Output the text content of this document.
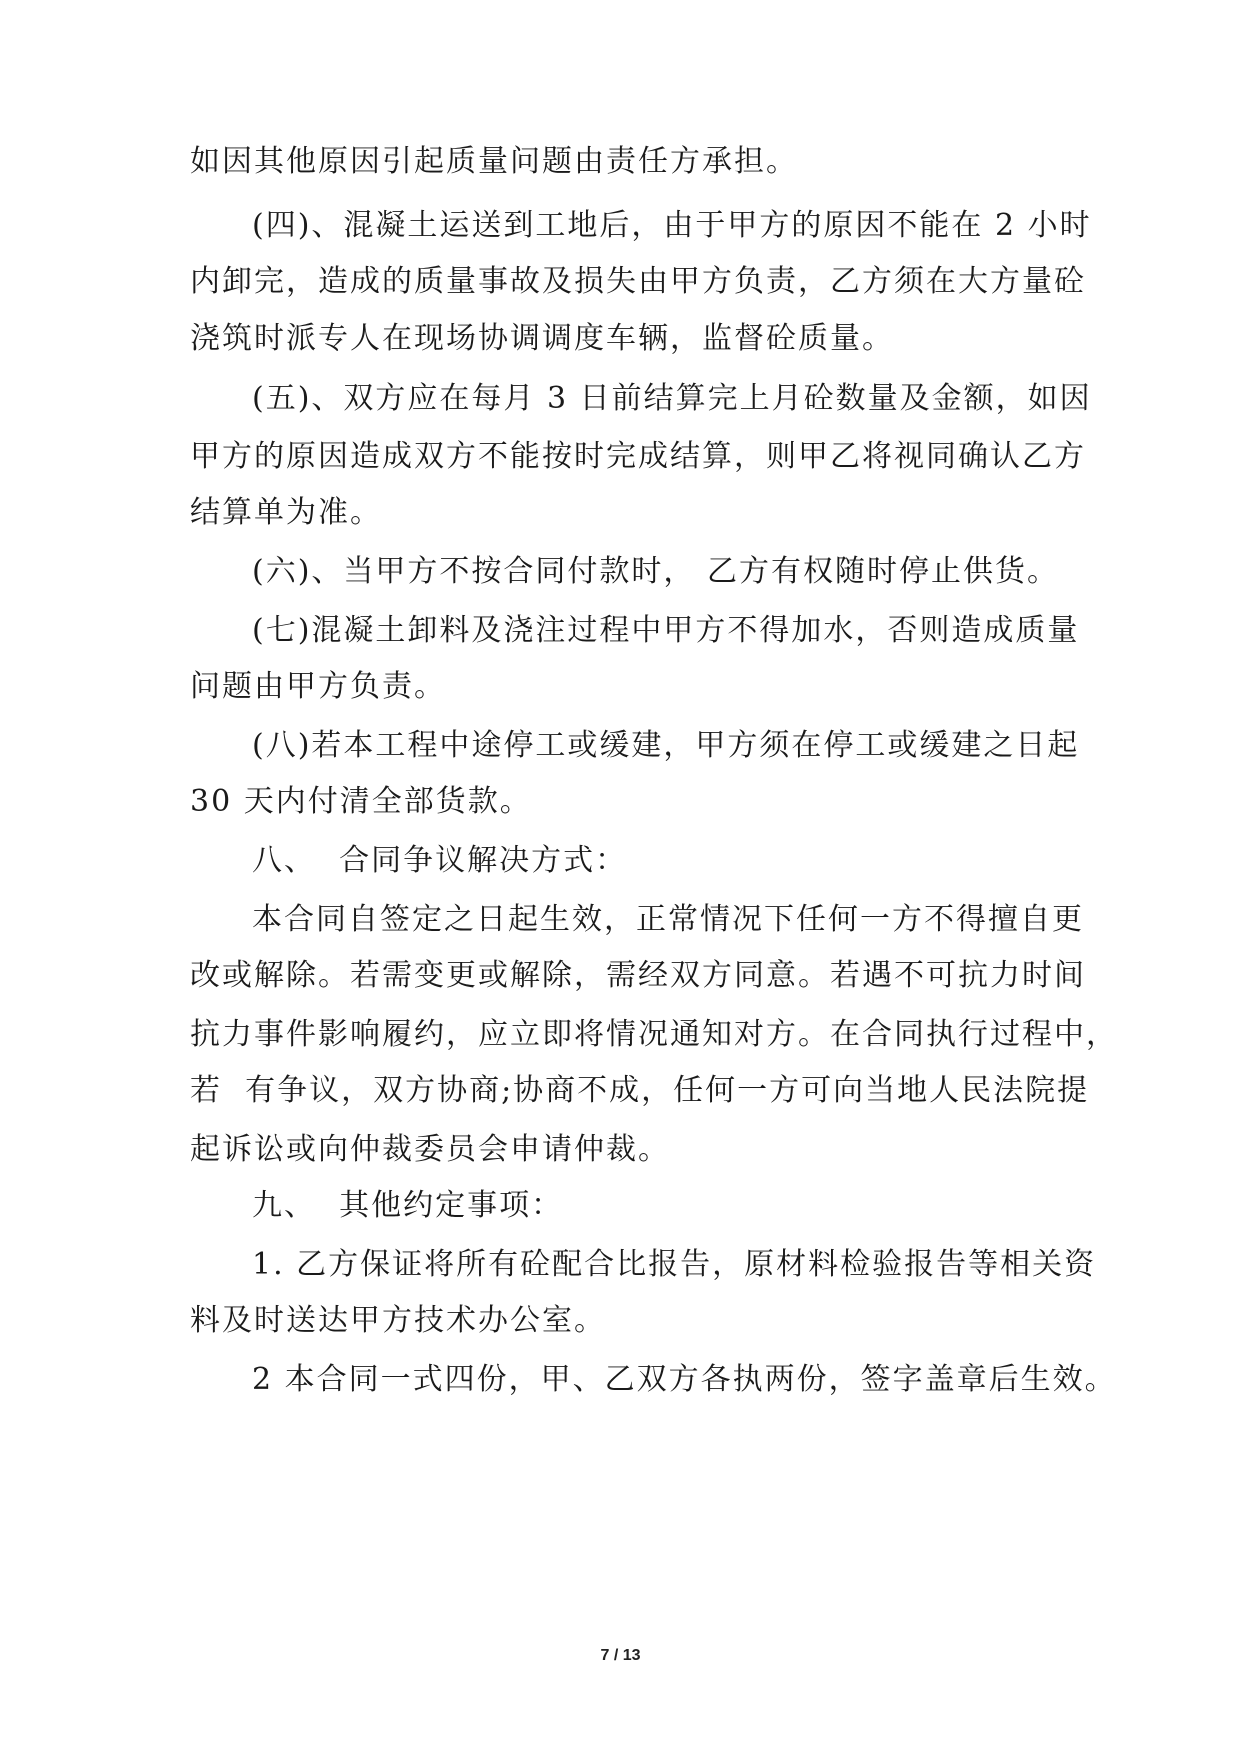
如因其他原因引起质量问题由责任方承担。
(四)、混凝土运送到工地后，由于甲方的原因不能在 2 小时
内卸完，造成的质量事故及损失由甲方负责，乙方须在大方量砼
浇筑时派专人在现场协调调度车辆，监督砼质量。
(五)、双方应在每月 3 日前结算完上月砼数量及金额，如因
甲方的原因造成双方不能按时完成结算，则甲乙将视同确认乙方
结算单为准。
(六)、当甲方不按合同付款时， 乙方有权随时停止供货。
(七)混凝土卸料及浇注过程中甲方不得加水，否则造成质量
问题由甲方负责。
(八)若本工程中途停工或缓建，甲方须在停工或缓建之日起
30 天内付清全部货款。
八、  合同争议解决方式：
本合同自签定之日起生效，正常情况下任何一方不得擅自更
改或解除。若需变更或解除，需经双方同意。若遇不可抗力时间
抗力事件影响履约，应立即将情况通知对方。在合同执行过程中，
若  有争议，双方协商;协商不成，任何一方可向当地人民法院提
起诉讼或向仲裁委员会申请仲裁。
九、  其他约定事项：
1. 乙方保证将所有砼配合比报告，原材料检验报告等相关资
料及时送达甲方技术办公室。
2 本合同一式四份，甲、乙双方各执两份，签字盖章后生效。
7 / 13
